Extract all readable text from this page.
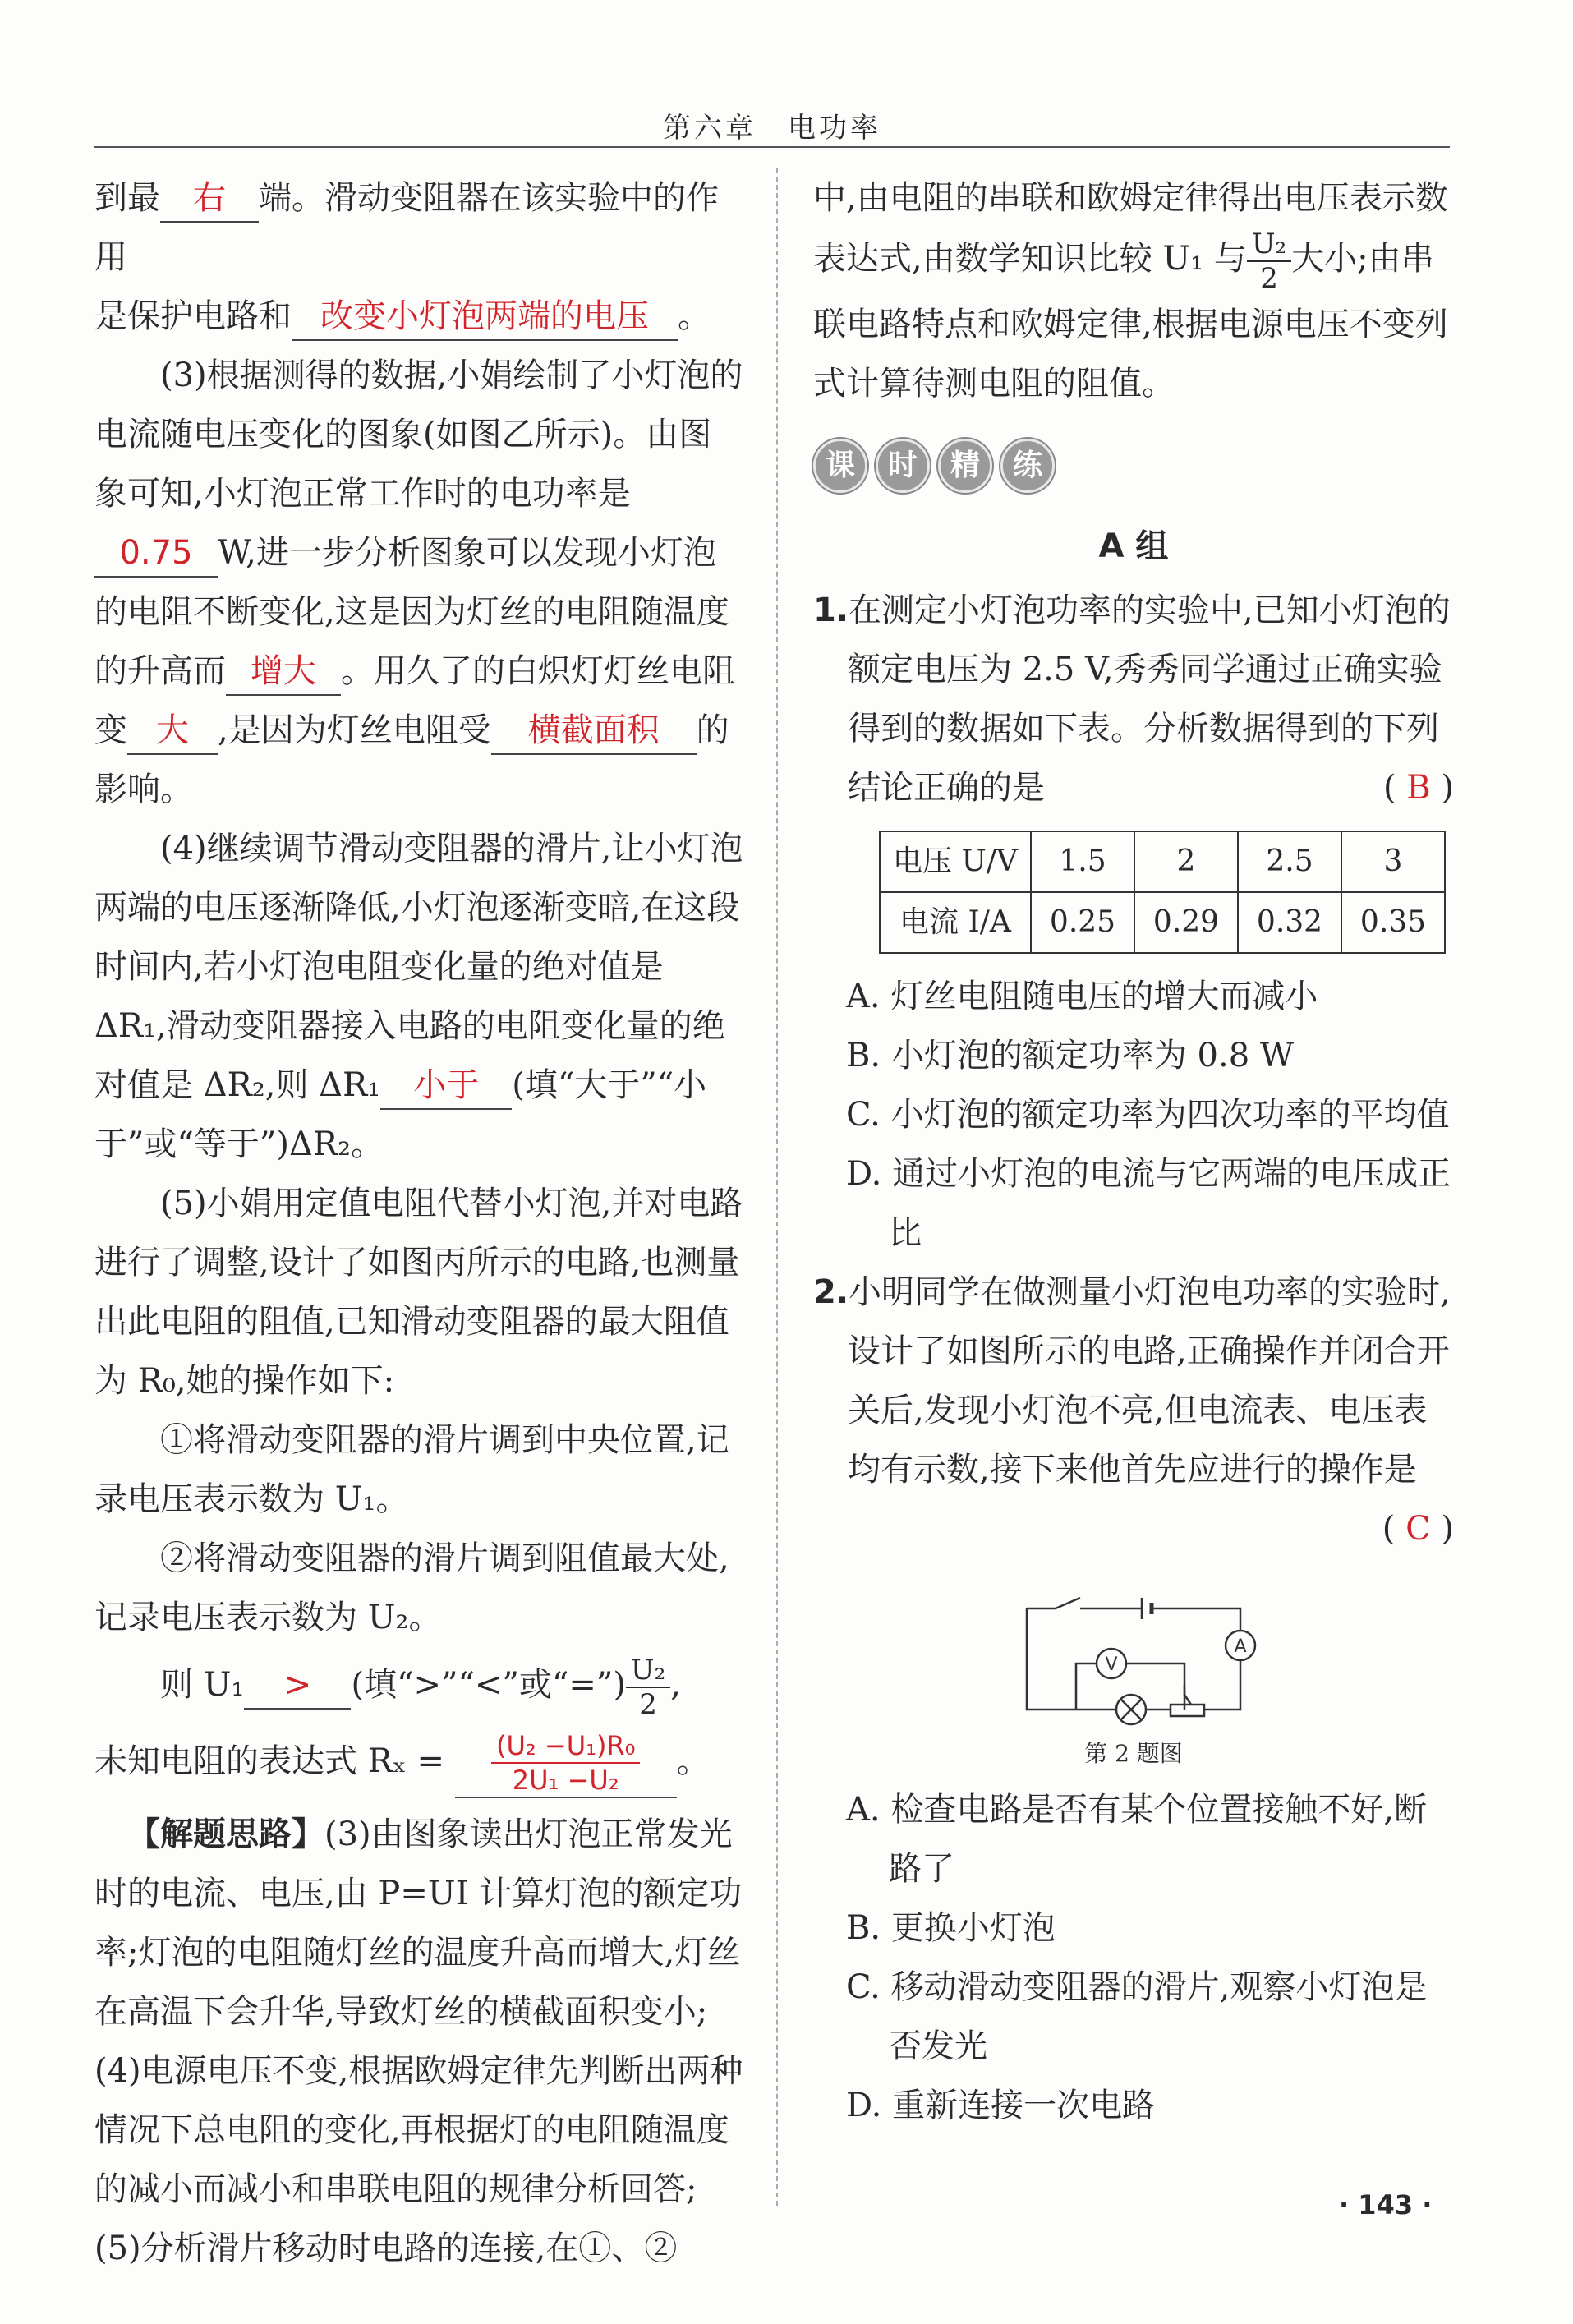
第六章　电功率

到最 右 端。滑动变阻器在该实验中的作用

是保护电路和 改变小灯泡两端的电压 。

(3)根据测得的数据,小娟绘制了小灯泡的电流随电压变化的图象(如图乙所示)。由图象可知,小灯泡正常工作时的电功率是0.75 W,进一步分析图象可以发现小灯泡的电阻不断变化,这是因为灯丝的电阻随温度的升高而 增大 。用久了的白炽灯灯丝电阻变 大 ,是因为灯丝电阻受 横截面积 的影响。

(4)继续调节滑动变阻器的滑片,让小灯泡两端的电压逐渐降低,小灯泡逐渐变暗,在这段时间内,若小灯泡电阻变化量的绝对值是 ΔR₁,滑动变阻器接入电路的电阻变化量的绝对值是 ΔR₂,则 ΔR₁ 小于 (填“大于”“小于”或“等于”)ΔR₂。

(5)小娟用定值电阻代替小灯泡,并对电路进行了调整,设计了如图丙所示的电路,也测量出此电阻的阻值,已知滑动变阻器的最大阻值为 R₀,她的操作如下:

①将滑动变阻器的滑片调到中央位置,记录电压表示数为 U₁。

②将滑动变阻器的滑片调到阻值最大处,记录电压表示数为 U₂。

则 U₁ > (填“>”“<”或“=”) $\frac{\text{U₂}}{2}$ ,

未知电阻的表达式 $R_x = \frac{\text{(U₂ −U₁)R₀}}{\text{2U₁ −U₂}}$ 。

【解题思路】(3)由图象读出灯泡正常发光时的电流、电压,由 P=UI 计算灯泡的额定功率;灯泡的电阻随灯丝的温度升高而增大,灯丝在高温下会升华,导致灯丝的横截面积变小;(4)电源电压不变,根据欧姆定律先判断出两种情况下总电阻的变化,再根据灯的电阻随温度的减小而减小和串联电阻的规律分析回答;(5)分析滑片移动时电路的连接,在①、②

中,由电阻的串联和欧姆定律得出电压表示数表达式,由数学知识比较 U₁ 与 $\frac{\text{U₂}}{2}$ 大小;由串联电路特点和欧姆定律,根据电源电压不变列式计算待测电阻的阻值。

课 时 精 练

A 组

1.在测定小灯泡功率的实验中,已知小灯泡的额定电压为 2.5 V,秀秀同学通过正确实验得到的数据如下表。分析数据得到的下列结论正确的是	( B )

电压 U/V	1.5	2	2.5	3
电流 I/A	0.25	0.29	0.32	0.35

A. 灯丝电阻随电压的增大而减小

B. 小灯泡的额定功率为 0.8 W

C. 小灯泡的额定功率为四次功率的平均值

D. 通过小灯泡的电流与它两端的电压成正比

2.小明同学在做测量小灯泡电功率的实验时,设计了如图所示的电路,正确操作并闭合开关后,发现小灯泡不亮,但电流表、电压表均有示数,接下来他首先应进行的操作是

( C )

V
A

第 2 题图

A. 检查电路是否有某个位置接触不好,断路了

B. 更换小灯泡

C. 移动滑动变阻器的滑片,观察小灯泡是否发光

D. 重新连接一次电路

· 143 ·
